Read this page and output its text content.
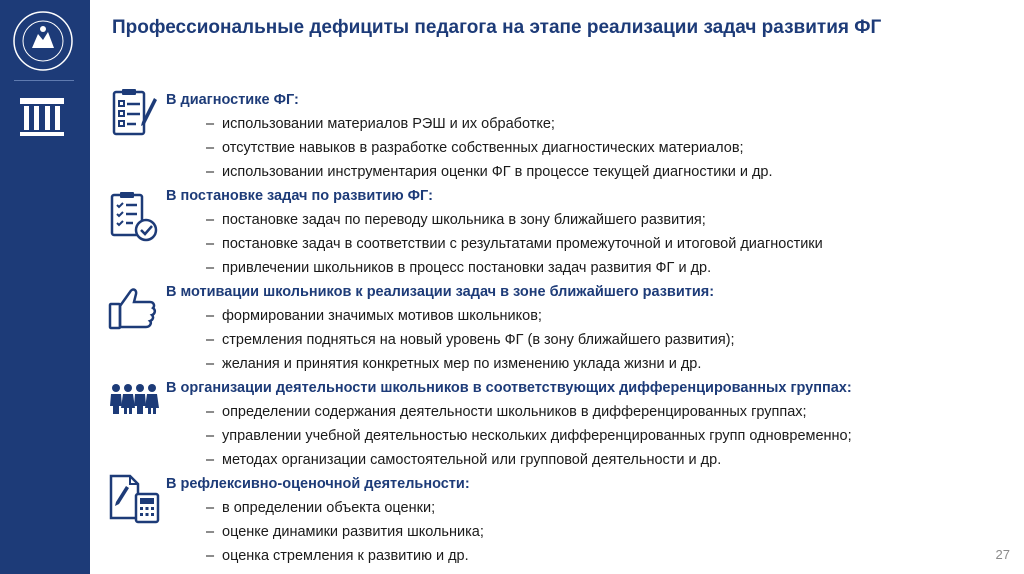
Профессиональные дефициты педагога на этапе реализации задач развития ФГ
В диагностике ФГ:
– использовании материалов РЭШ и их обработке;
– отсутствие навыков в разработке собственных диагностических материалов;
– использовании инструментария оценки ФГ в процессе текущей диагностики и др.
В постановке задач по развитию ФГ:
– постановке задач по переводу школьника в зону ближайшего развития;
– постановке задач в соответствии с результатами промежуточной и итоговой диагностики
– привлечении школьников в процесс постановки задач развития ФГ и др.
В мотивации школьников к реализации задач в зоне ближайшего развития:
– формировании значимых мотивов школьников;
– стремления подняться на новый уровень ФГ (в зону ближайшего развития);
– желания и принятия конкретных мер по изменению уклада жизни и др.
В организации деятельности школьников в соответствующих дифференцированных группах:
– определении содержания деятельности школьников в дифференцированных группах;
– управлении учебной деятельностью нескольких дифференцированных групп одновременно;
– методах организации самостоятельной или групповой деятельности и др.
В рефлексивно-оценочной деятельности:
– в определении объекта оценки;
– оценке динамики развития школьника;
– оценка стремления к развитию и др.	27
